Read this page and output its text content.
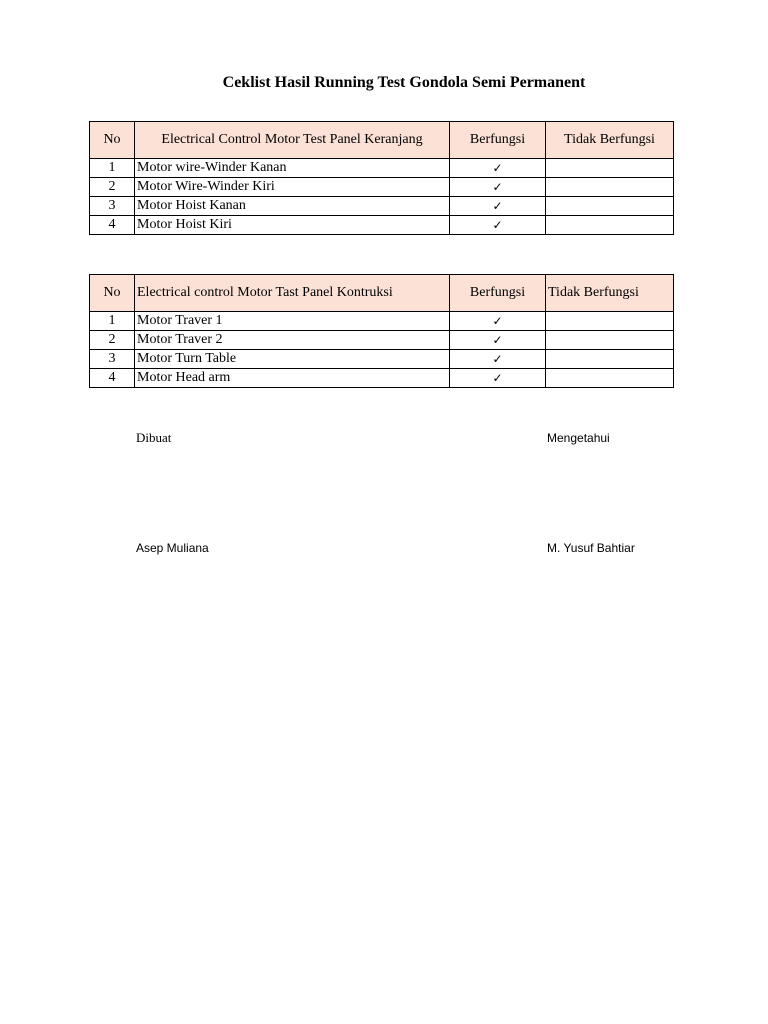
Ceklist Hasil Running Test Gondola Semi Permanent
No	Electrical Control Motor Test Panel Keranjang	Berfungsi	Tidak Berfungsi
1	Motor wire-Winder Kanan	✓	
2	Motor Wire-Winder Kiri	✓	
3	Motor Hoist Kanan	✓	
4	Motor Hoist Kiri	✓	
No	Electrical control Motor Tast Panel Kontruksi	Berfungsi	Tidak Berfungsi
1	Motor Traver 1	✓	
2	Motor Traver 2	✓	
3	Motor Turn Table	✓	
4	Motor Head arm	✓	
Dibuat	Mengetahui
Asep Muliana	M. Yusuf Bahtiar
